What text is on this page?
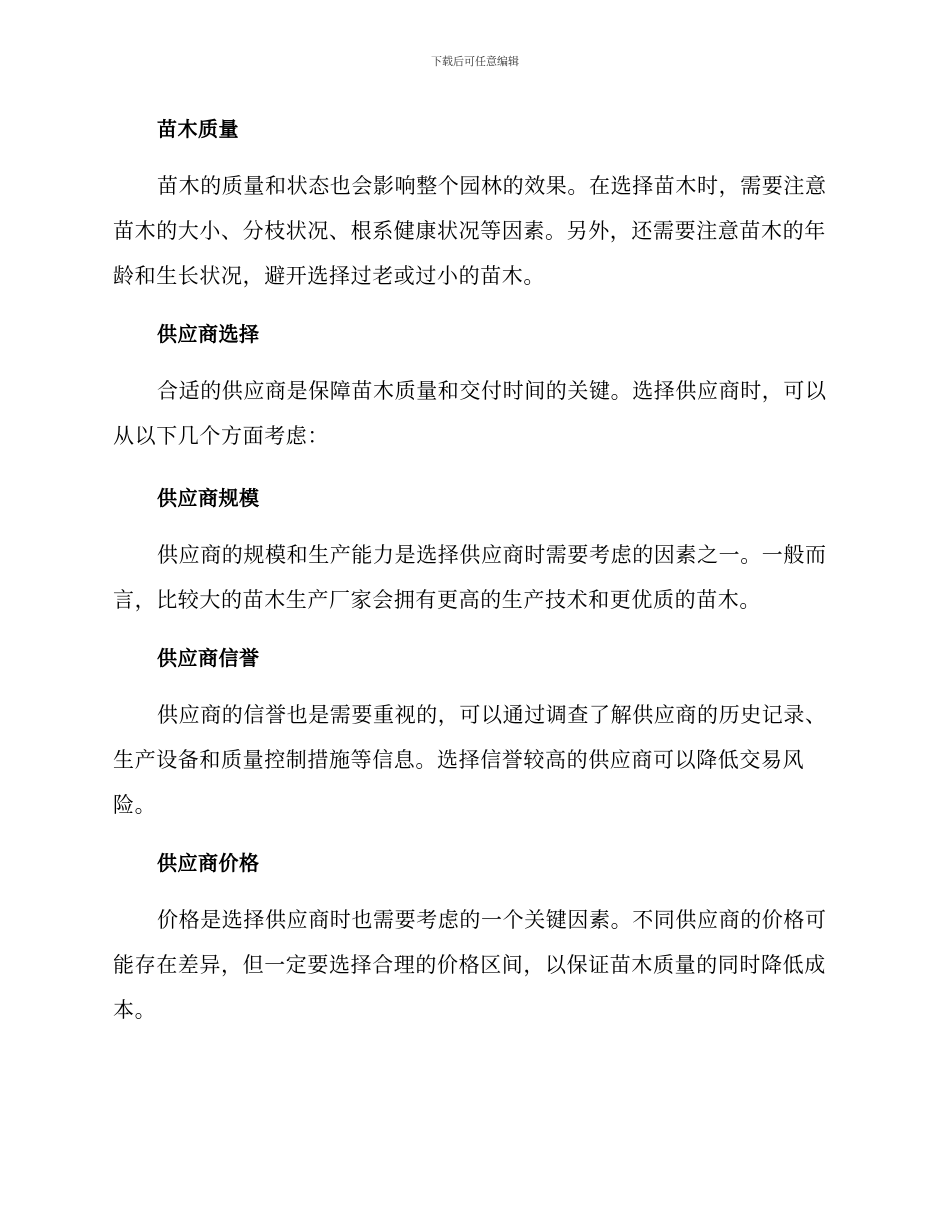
下载后可任意编辑
苗木质量

苗木的质量和状态也会影响整个园林的效果。在选择苗木时，需要注意
苗木的大小、分枝状况、根系健康状况等因素。另外，还需要注意苗木的年
龄和生长状况，避开选择过老或过小的苗木。

供应商选择

合适的供应商是保障苗木质量和交付时间的关键。选择供应商时，可以
从以下几个方面考虑：

供应商规模

供应商的规模和生产能力是选择供应商时需要考虑的因素之一。一般而
言，比较大的苗木生产厂家会拥有更高的生产技术和更优质的苗木。

供应商信誉

供应商的信誉也是需要重视的，可以通过调查了解供应商的历史记录、
生产设备和质量控制措施等信息。选择信誉较高的供应商可以降低交易风
险。

供应商价格

价格是选择供应商时也需要考虑的一个关键因素。不同供应商的价格可
能存在差异，但一定要选择合理的价格区间，以保证苗木质量的同时降低成
本。
